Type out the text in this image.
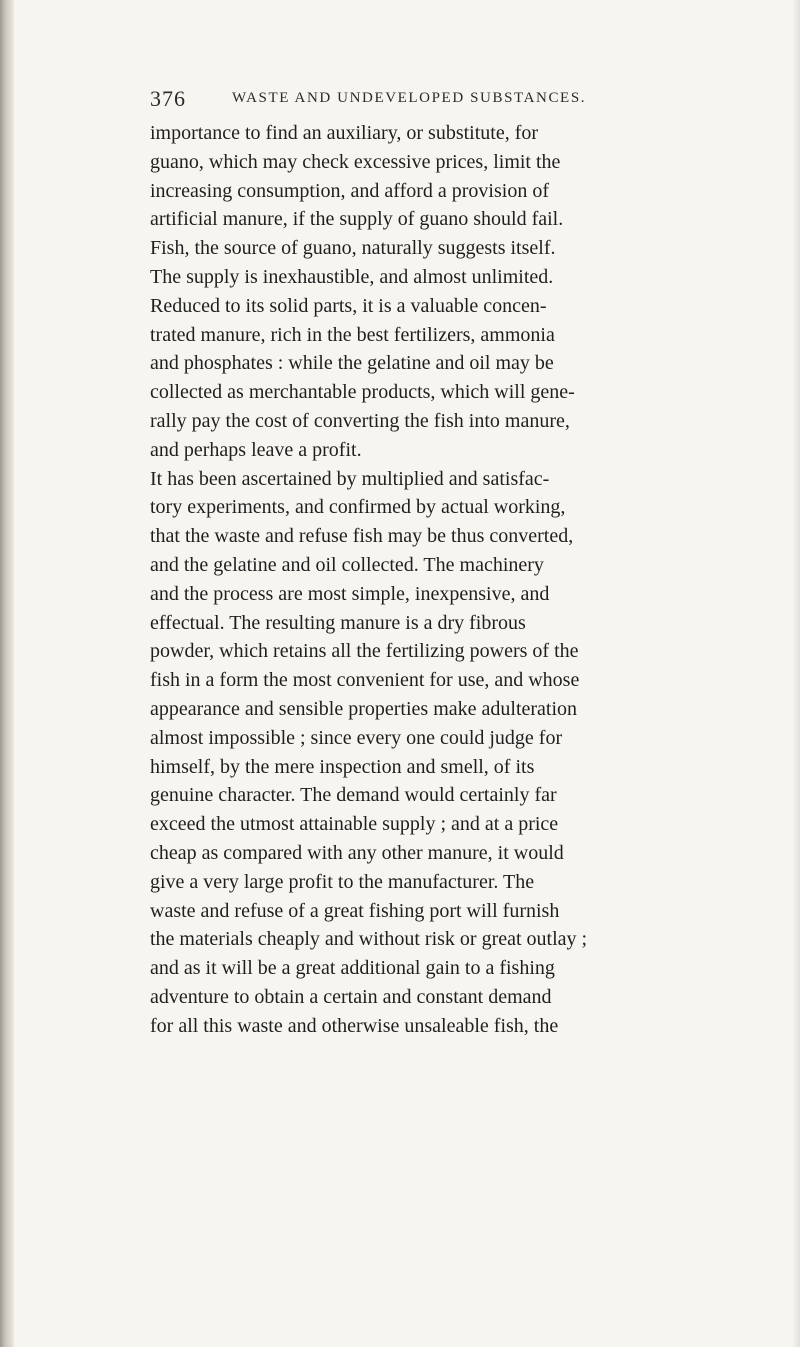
376	WASTE AND UNDEVELOPED SUBSTANCES.
importance to find an auxiliary, or substitute, for
guano, which may check excessive prices, limit the
increasing consumption, and afford a provision of
artificial manure, if the supply of guano should fail.
Fish, the source of guano, naturally suggests itself.
The supply is inexhaustible, and almost unlimited.
Reduced to its solid parts, it is a valuable concen-
trated manure, rich in the best fertilizers, ammonia
and phosphates : while the gelatine and oil may be
collected as merchantable products, which will gene-
rally pay the cost of converting the fish into manure,
and perhaps leave a profit.
It has been ascertained by multiplied and satisfac-
tory experiments, and confirmed by actual working,
that the waste and refuse fish may be thus converted,
and the gelatine and oil collected. The machinery
and the process are most simple, inexpensive, and
effectual. The resulting manure is a dry fibrous
powder, which retains all the fertilizing powers of the
fish in a form the most convenient for use, and whose
appearance and sensible properties make adulteration
almost impossible ; since every one could judge for
himself, by the mere inspection and smell, of its
genuine character. The demand would certainly far
exceed the utmost attainable supply ; and at a price
cheap as compared with any other manure, it would
give a very large profit to the manufacturer. The
waste and refuse of a great fishing port will furnish
the materials cheaply and without risk or great outlay ;
and as it will be a great additional gain to a fishing
adventure to obtain a certain and constant demand
for all this waste and otherwise unsaleable fish, the
